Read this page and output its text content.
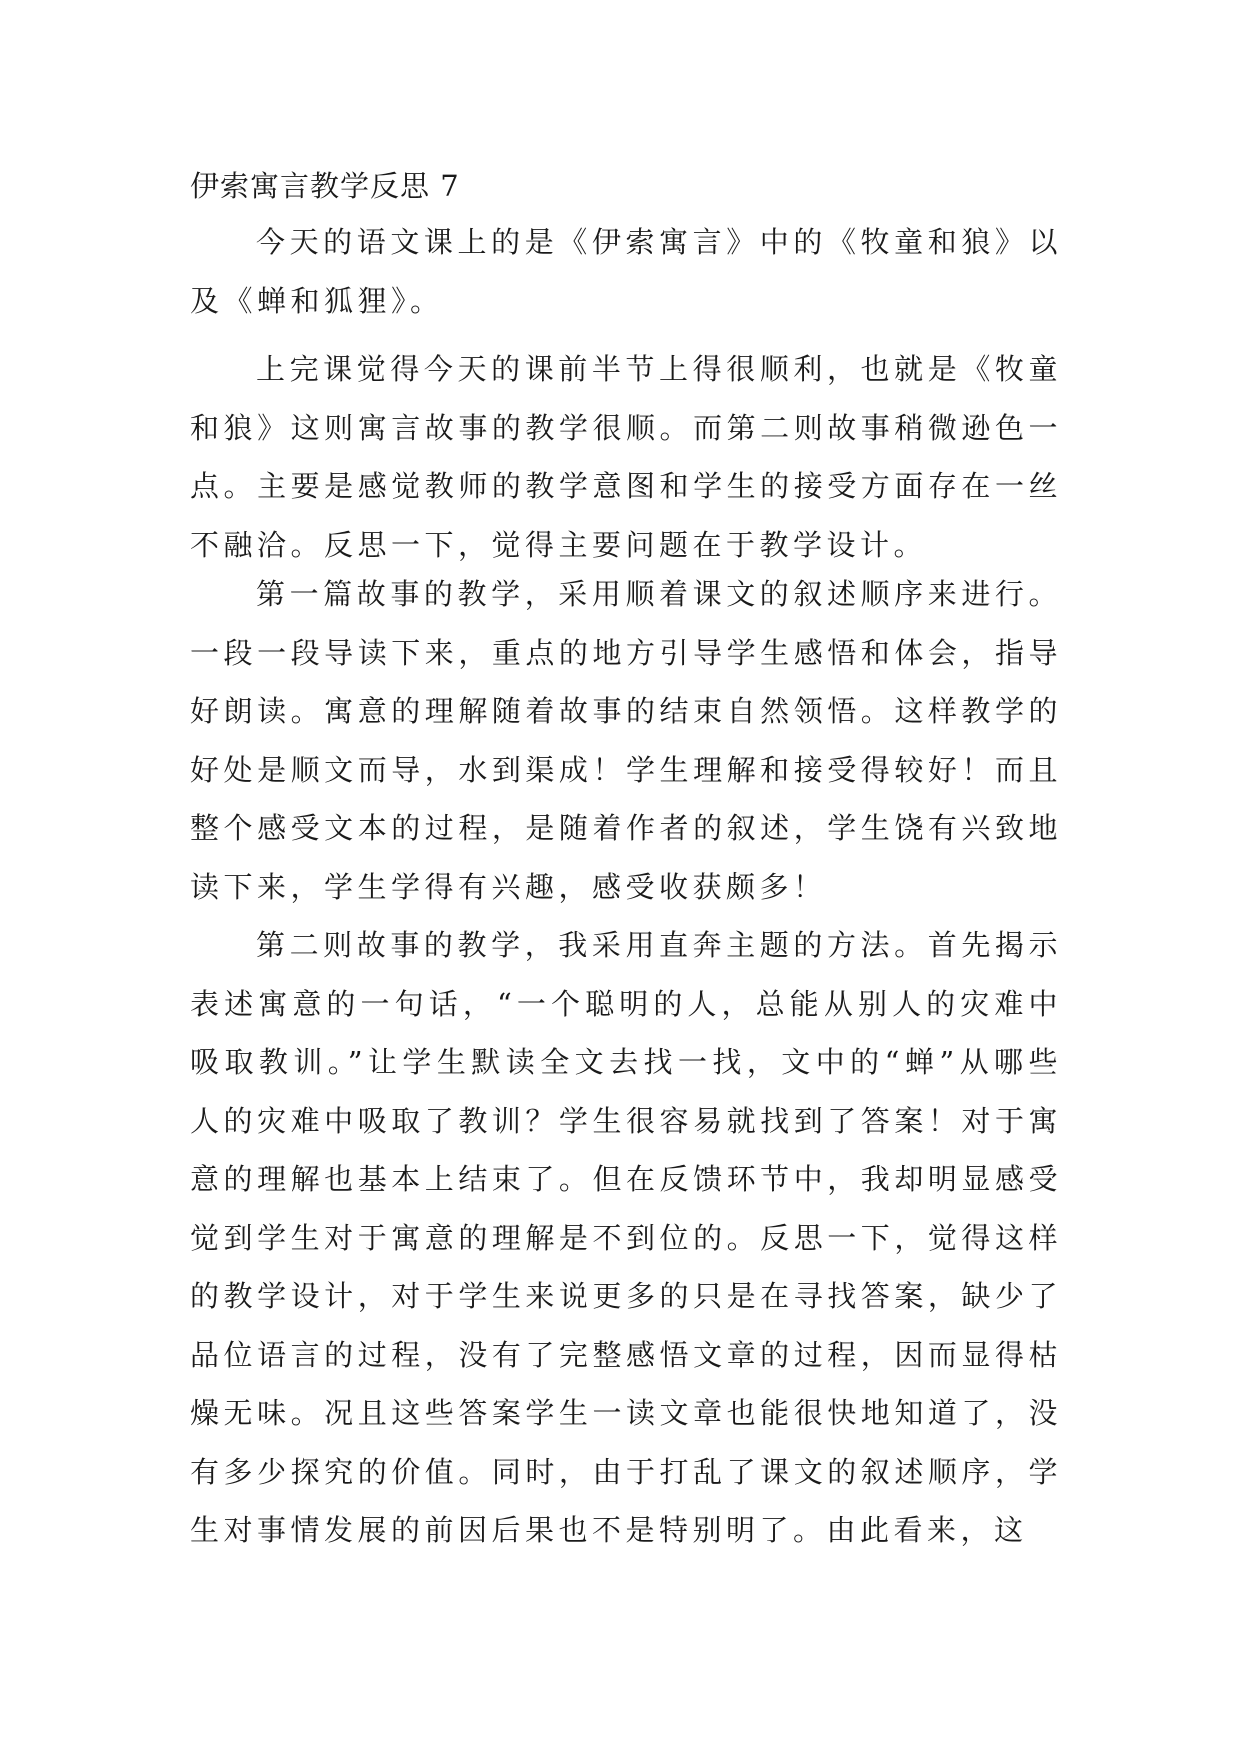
伊索寓言教学反思 7

今天的语文课上的是《伊索寓言》中的《牧童和狼》以及《蝉和狐狸》。

上完课觉得今天的课前半节上得很顺利，也就是《牧童和狼》这则寓言故事的教学很顺。而第二则故事稍微逊色一点。主要是感觉教师的教学意图和学生的接受方面存在一丝不融洽。反思一下，觉得主要问题在于教学设计。

第一篇故事的教学，采用顺着课文的叙述顺序来进行。一段一段导读下来，重点的地方引导学生感悟和体会，指导好朗读。寓意的理解随着故事的结束自然领悟。这样教学的好处是顺文而导，水到渠成！学生理解和接受得较好！而且整个感受文本的过程，是随着作者的叙述，学生饶有兴致地读下来，学生学得有兴趣，感受收获颇多！

第二则故事的教学，我采用直奔主题的方法。首先揭示表述寓意的一句话，“一个聪明的人，总能从别人的灾难中吸取教训。”让学生默读全文去找一找，文中的“蝉”从哪些人的灾难中吸取了教训？学生很容易就找到了答案！对于寓意的理解也基本上结束了。但在反馈环节中，我却明显感受觉到学生对于寓意的理解是不到位的。反思一下，觉得这样的教学设计，对于学生来说更多的只是在寻找答案，缺少了品位语言的过程，没有了完整感悟文章的过程，因而显得枯燥无味。况且这些答案学生一读文章也能很快地知道了，没有多少探究的价值。同时，由于打乱了课文的叙述顺序，学生对事情发展的前因后果也不是特别明了。由此看来，这
